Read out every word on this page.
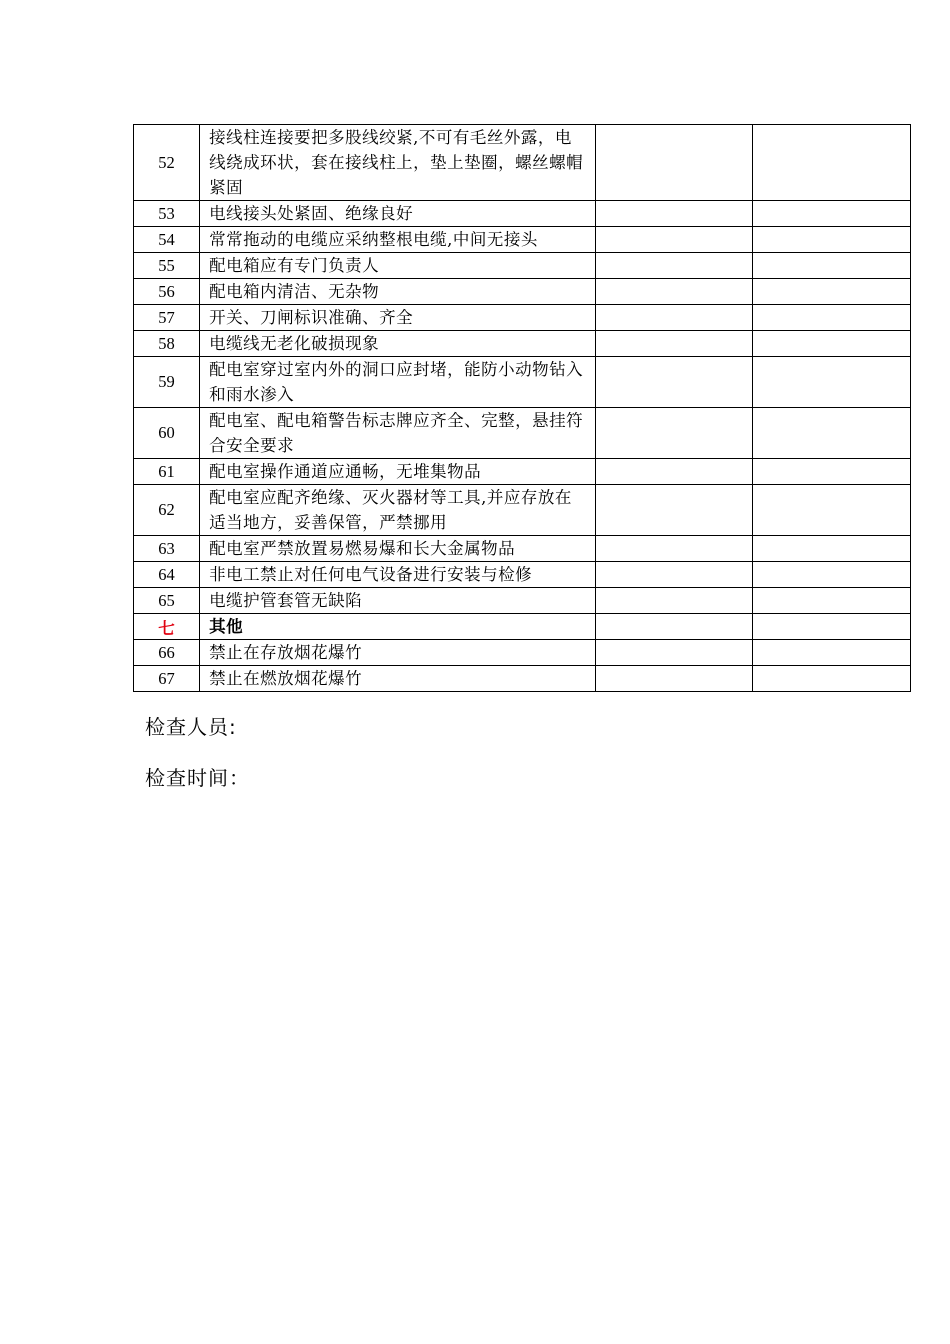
52	接线柱连接要把多股线绞紧,不可有毛丝外露，电线绕成环状，套在接线柱上，垫上垫圈，螺丝螺帽紧固		
53	电线接头处紧固、绝缘良好		
54	常常拖动的电缆应采纳整根电缆,中间无接头		
55	配电箱应有专门负责人		
56	配电箱内清洁、无杂物		
57	开关、刀闸标识准确、齐全		
58	电缆线无老化破损现象		
59	配电室穿过室内外的洞口应封堵，能防小动物钻入和雨水渗入		
60	配电室、配电箱警告标志牌应齐全、完整，悬挂符合安全要求		
61	配电室操作通道应通畅，无堆集物品		
62	配电室应配齐绝缘、灭火器材等工具,并应存放在适当地方，妥善保管，严禁挪用		
63	配电室严禁放置易燃易爆和长大金属物品		
64	非电工禁止对任何电气设备进行安装与检修		
65	电缆护管套管无缺陷		
七	其他		
66	禁止在存放烟花爆竹		
67	禁止在燃放烟花爆竹		
检查人员:
检查时间：
